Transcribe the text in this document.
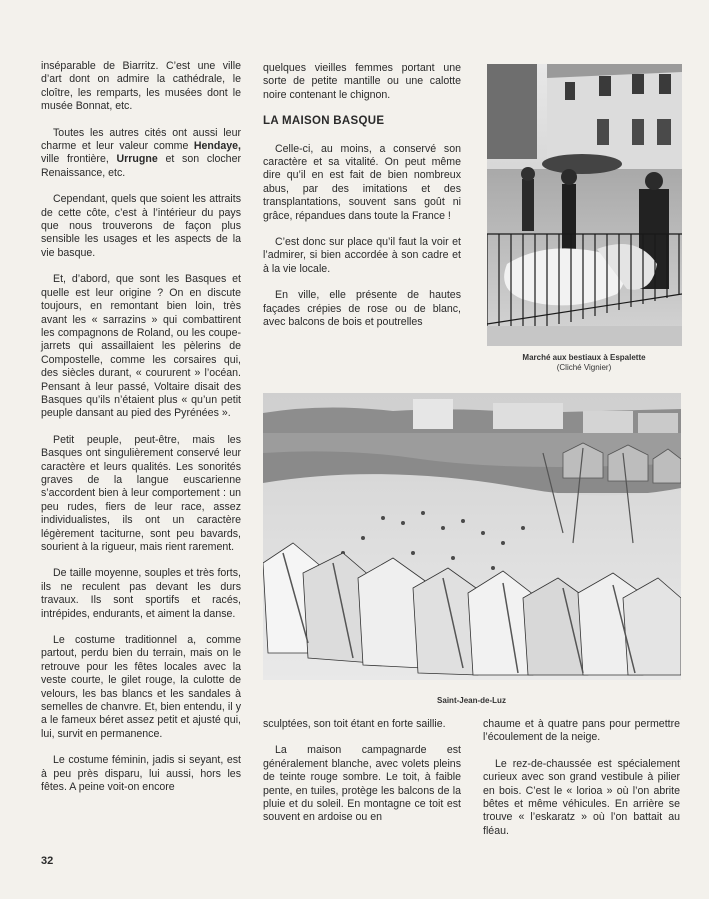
inséparable de Biarritz. C’est une ville d’art dont on admire la cathédrale, le cloître, les remparts, les musées dont le musée Bonnat, etc.

Toutes les autres cités ont aussi leur charme et leur valeur comme Hendaye, ville frontière, Urrugne et son clocher Renaissance, etc.

Cependant, quels que soient les attraits de cette côte, c’est à l’intérieur du pays que nous trouverons de façon plus sensible les usages et les aspects de la vie basque.

Et, d’abord, que sont les Basques et quelle est leur origine ? On en discute toujours, en remontant bien loin, très avant les « sarrazins » qui combattirent les compagnons de Roland, ou les coupe-jarrets qui assaillaient les pèlerins de Compostelle, comme les corsaires qui, des siècles durant, « coururent » l’océan. Pensant à leur passé, Voltaire disait des Basques qu’ils n’étaient plus « qu’un petit peuple dansant au pied des Pyrénées ».

Petit peuple, peut-être, mais les Basques ont singulièrement conservé leur caractère et leurs qualités. Les sonorités graves de la langue euscarienne s’accordent bien à leur comportement : un peu rudes, fiers de leur race, assez individualistes, ils ont un caractère légèrement taciturne, sont peu bavards, sourient à la rigueur, mais rient rarement.

De taille moyenne, souples et très forts, ils ne reculent pas devant les durs travaux. Ils sont sportifs et racés, intrépides, endurants, et aiment la danse.

Le costume traditionnel a, comme partout, perdu bien du terrain, mais on le retrouve pour les fêtes locales avec la veste courte, le gilet rouge, la culotte de velours, les bas blancs et les sandales à semelles de chanvre. Et, bien entendu, il y a le fameux béret assez petit et ajusté qui, lui, survit en permanence.

Le costume féminin, jadis si seyant, est à peu près disparu, lui aussi, hors les fêtes. A peine voit-on encore

quelques vieilles femmes portant une sorte de petite mantille ou une calotte noire contenant le chignon.

LA MAISON BASQUE

Celle-ci, au moins, a conservé son caractère et sa vitalité. On peut même dire qu’il en est fait de bien nombreux abus, par des imitations et des transplantations, souvent sans goût ni grâce, répandues dans toute la France !

C’est donc sur place qu’il faut la voir et l’admirer, si bien accordée à son cadre et à la vie locale.

En ville, elle présente de hautes façades crépies de rose ou de blanc, avec balcons de bois et poutrelles

Marché aux bestiaux à Espalette
(Cliché Vignier)
Saint-Jean-de-Luz

sculptées, son toit étant en forte saillie.

La maison campagnarde est généralement blanche, avec volets pleins de teinte rouge sombre. Le toit, à faible pente, en tuiles, protège les balcons de la pluie et du soleil. En montagne ce toit est souvent en ardoise ou en

chaume et à quatre pans pour permettre l’écoulement de la neige.

Le rez-de-chaussée est spécialement curieux avec son grand vestibule à pilier en bois. C’est le « lorioa » où l’on abrite bêtes et même véhicules. En arrière se trouve « l’eskaratz » où l’on battait au fléau.

32
